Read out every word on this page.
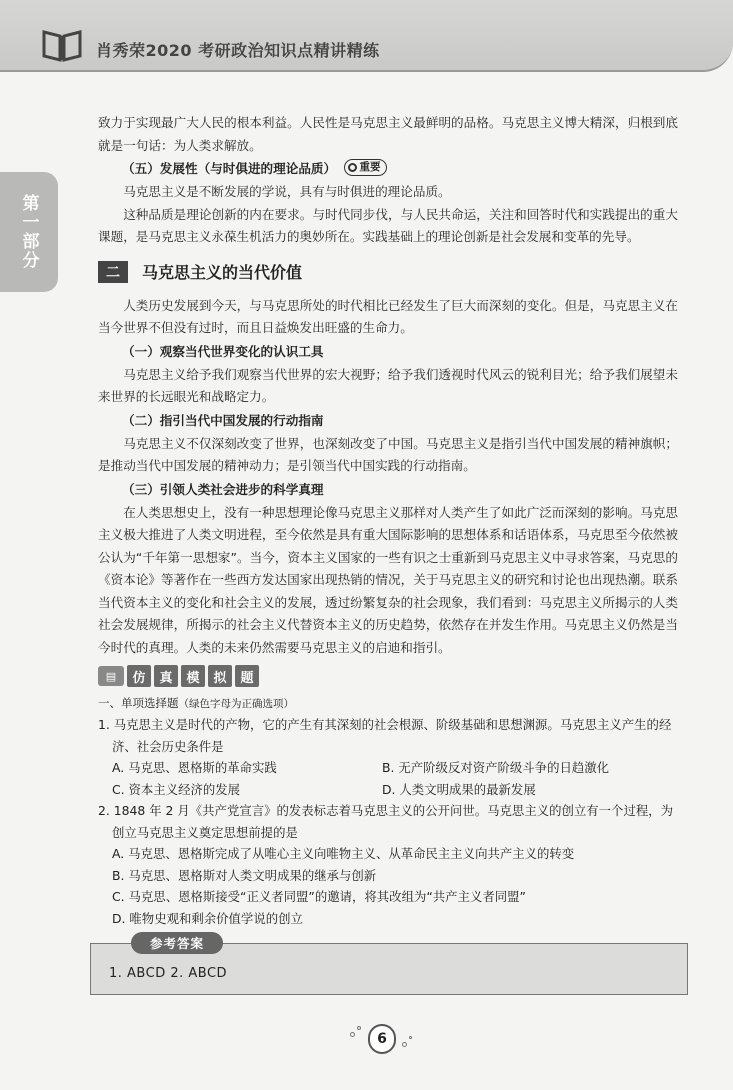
肖秀荣2020 考研政治知识点精讲精练
第一部分

致力于实现最广大人民的根本利益。人民性是马克思主义最鲜明的品格。马克思主义博大精深，归根到底就是一句话：为人类求解放。

（五）发展性（与时俱进的理论品质） 重要

马克思主义是不断发展的学说，具有与时俱进的理论品质。

这种品质是理论创新的内在要求。与时代同步伐，与人民共命运，关注和回答时代和实践提出的重大课题，是马克思主义永葆生机活力的奥妙所在。实践基础上的理论创新是社会发展和变革的先导。

二	马克思主义的当代价值

人类历史发展到今天，与马克思所处的时代相比已经发生了巨大而深刻的变化。但是，马克思主义在当今世界不但没有过时，而且日益焕发出旺盛的生命力。

（一）观察当代世界变化的认识工具

马克思主义给予我们观察当代世界的宏大视野；给予我们透视时代风云的锐利目光；给予我们展望未来世界的长远眼光和战略定力。

（二）指引当代中国发展的行动指南

马克思主义不仅深刻改变了世界，也深刻改变了中国。马克思主义是指引当代中国发展的精神旗帜；是推动当代中国发展的精神动力；是引领当代中国实践的行动指南。

（三）引领人类社会进步的科学真理

在人类思想史上，没有一种思想理论像马克思主义那样对人类产生了如此广泛而深刻的影响。马克思主义极大推进了人类文明进程，至今依然是具有重大国际影响的思想体系和话语体系，马克思至今依然被公认为“千年第一思想家”。当今，资本主义国家的一些有识之士重新到马克思主义中寻求答案，马克思的《资本论》等著作在一些西方发达国家出现热销的情况，关于马克思主义的研究和讨论也出现热潮。联系当代资本主义的变化和社会主义的发展，透过纷繁复杂的社会现象，我们看到：马克思主义所揭示的人类社会发展规律，所揭示的社会主义代替资本主义的历史趋势，依然存在并发生作用。马克思主义仍然是当今时代的真理。人类的未来仍然需要马克思主义的启迪和指引。

▤	仿	真	模	拟	题
一、单项选择题（绿色字母为正确选项）
1. 马克思主义是时代的产物，它的产生有其深刻的社会根源、阶级基础和思想渊源。马克思主义产生的经济、社会历史条件是
A. 马克思、恩格斯的革命实践	B. 无产阶级反对资产阶级斗争的日趋激化
C. 资本主义经济的发展	D. 人类文明成果的最新发展
2. 1848 年 2 月《共产党宣言》的发表标志着马克思主义的公开问世。马克思主义的创立有一个过程，为创立马克思主义奠定思想前提的是
A. 马克思、恩格斯完成了从唯心主义向唯物主义、从革命民主主义向共产主义的转变
B. 马克思、恩格斯对人类文明成果的继承与创新
C. 马克思、恩格斯接受“正义者同盟”的邀请，将其改组为“共产主义者同盟”
D. 唯物史观和剩余价值学说的创立
参考答案
1. ABCD 2. ABCD
6
